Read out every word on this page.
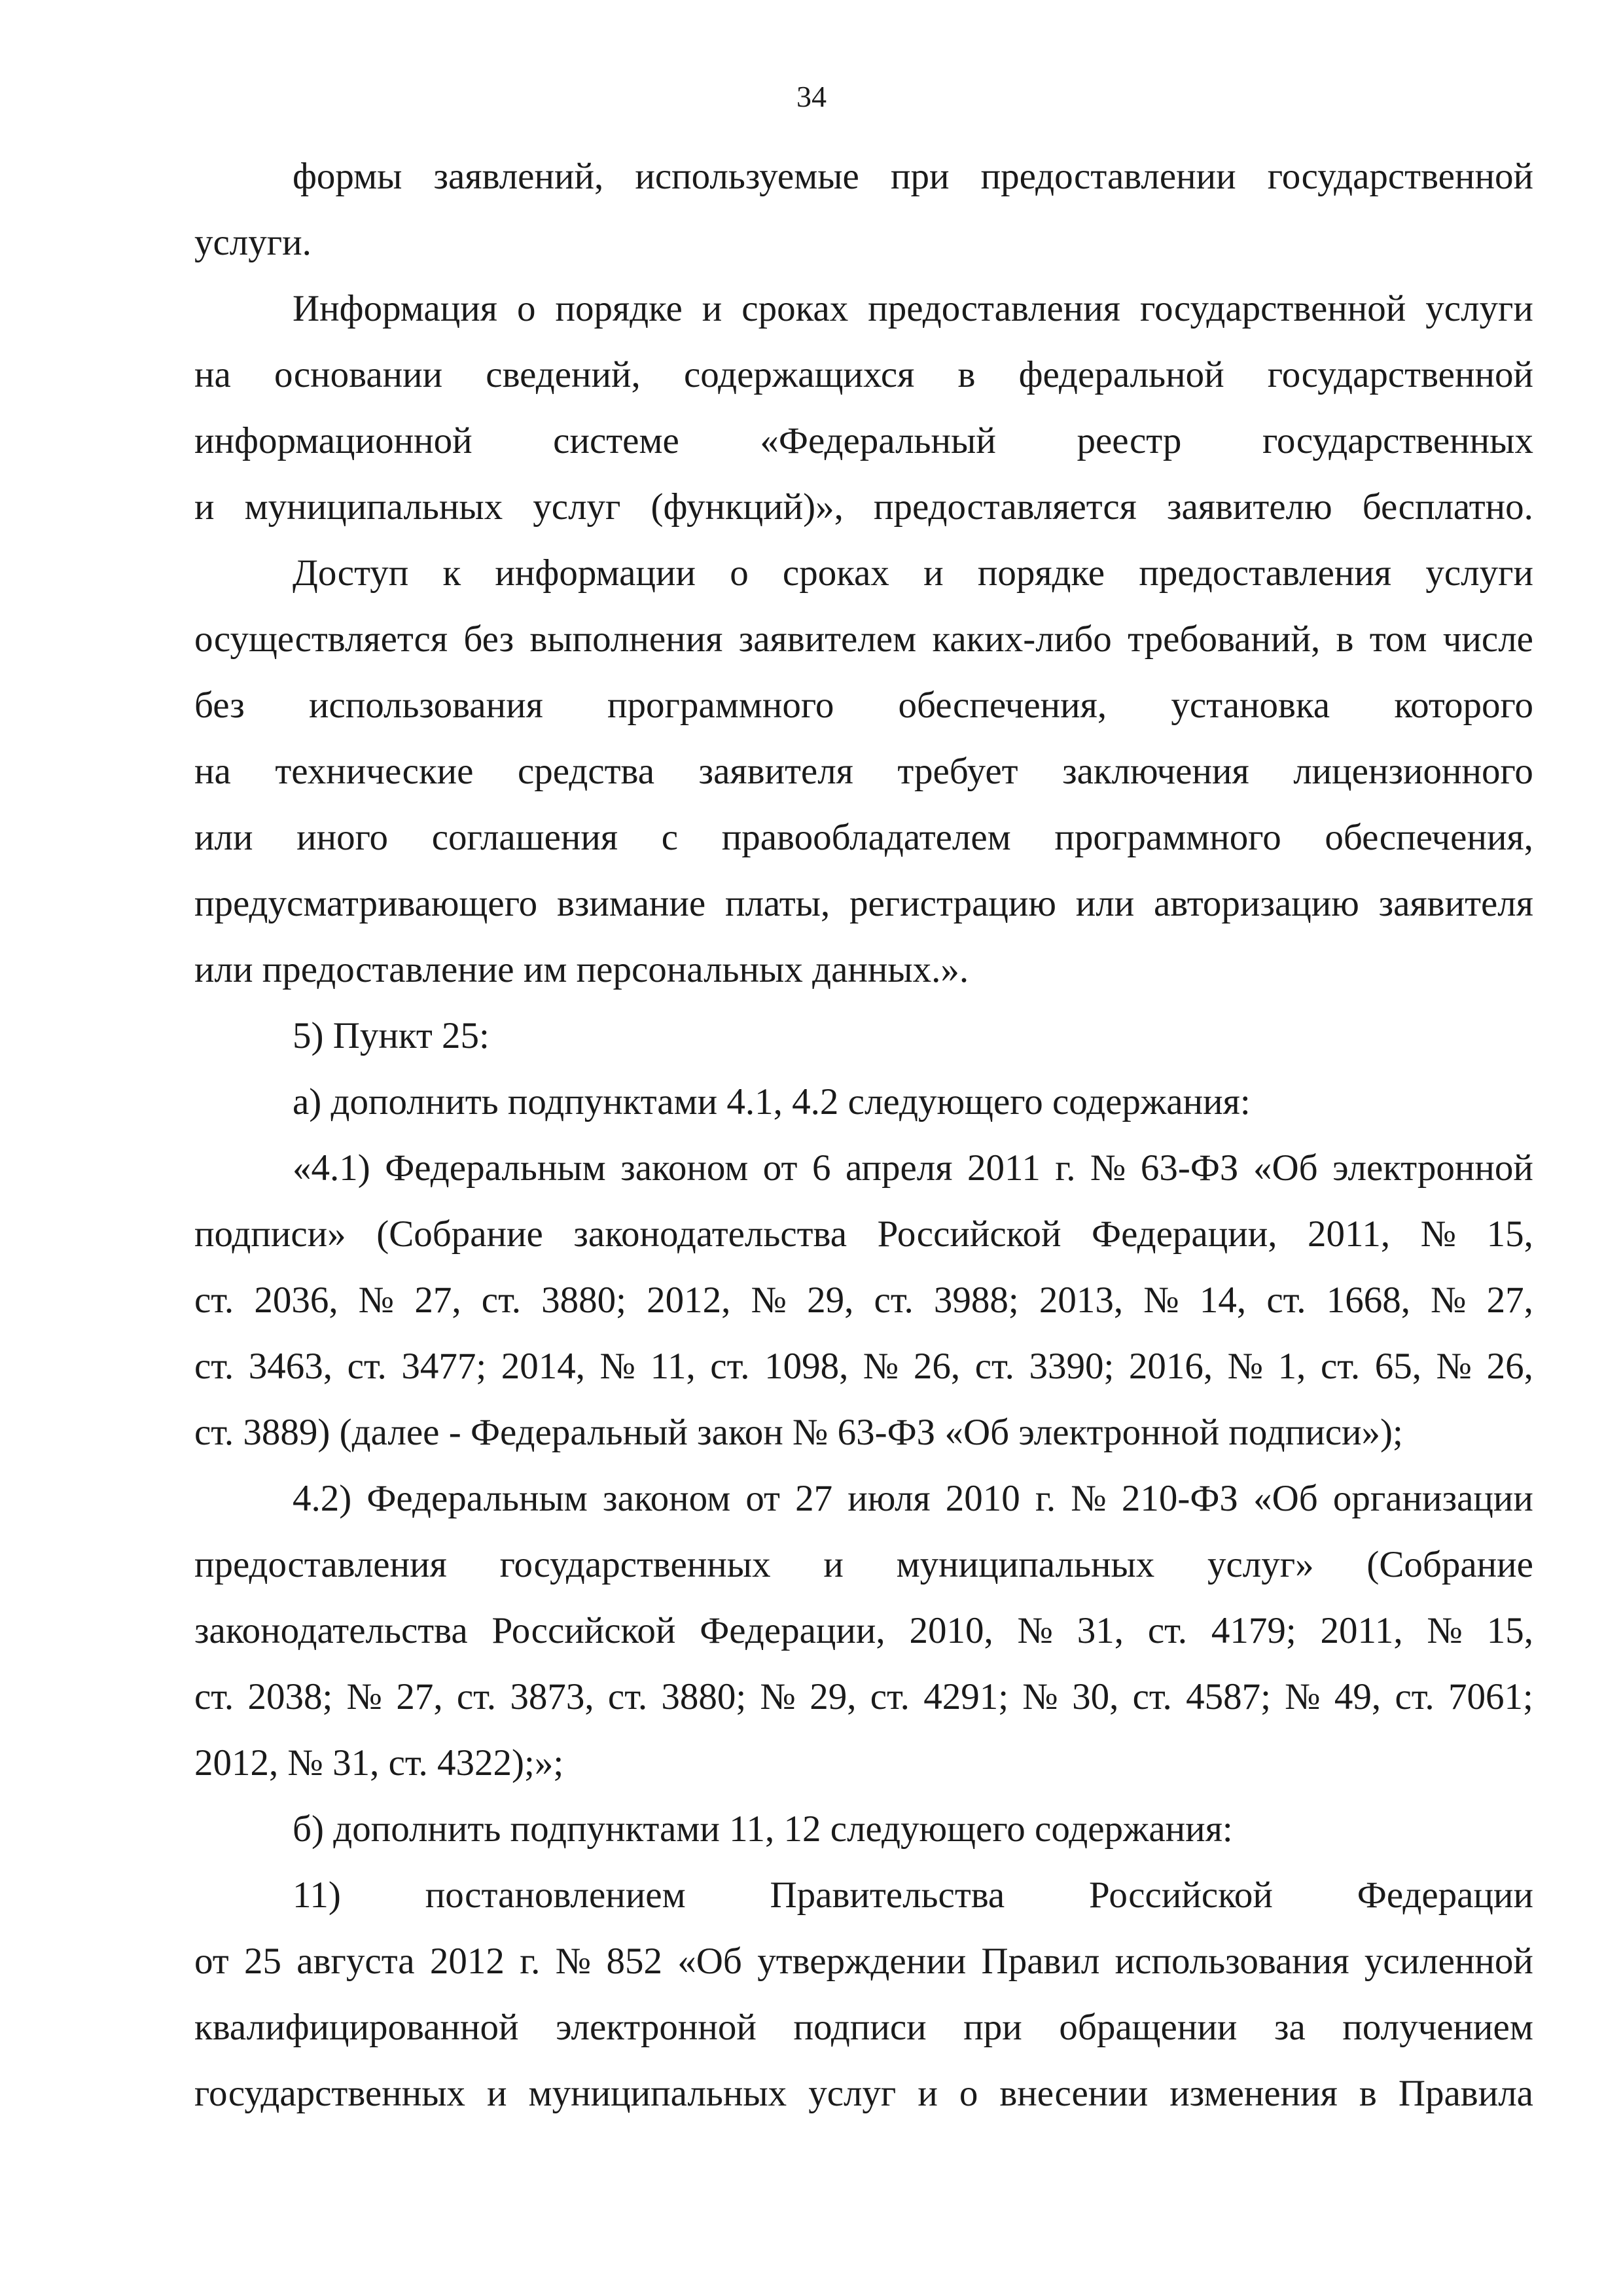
34
формы заявлений, используемые при предоставлении государственной
услуги.
Информация о порядке и сроках предоставления государственной услуги
на основании сведений, содержащихся в федеральной государственной
информационной системе «Федеральный реестр государственных
и муниципальных услуг (функций)», предоставляется заявителю бесплатно.
Доступ к информации о сроках и порядке предоставления услуги
осуществляется без выполнения заявителем каких-либо требований, в том числе
без использования программного обеспечения, установка которого
на технические средства заявителя требует заключения лицензионного
или иного соглашения с правообладателем программного обеспечения,
предусматривающего взимание платы, регистрацию или авторизацию заявителя
или предоставление им персональных данных.».
5) Пункт 25:
а) дополнить подпунктами 4.1, 4.2 следующего содержания:
«4.1) Федеральным законом от 6 апреля 2011 г. № 63-ФЗ «Об электронной
подписи» (Собрание законодательства Российской Федерации, 2011, № 15,
ст. 2036, № 27, ст. 3880; 2012, № 29, ст. 3988; 2013, № 14, ст. 1668, № 27,
ст. 3463, ст. 3477; 2014, № 11, ст. 1098, № 26, ст. 3390; 2016, № 1, ст. 65, № 26,
ст. 3889) (далее - Федеральный закон № 63-ФЗ «Об электронной подписи»);
4.2) Федеральным законом от 27 июля 2010 г. № 210-ФЗ «Об организации
предоставления государственных и муниципальных услуг» (Собрание
законодательства Российской Федерации, 2010, № 31, ст. 4179; 2011, № 15,
ст. 2038; № 27, ст. 3873, ст. 3880; № 29, ст. 4291; № 30, ст. 4587; № 49, ст. 7061;
2012, № 31, ст. 4322);»;
б) дополнить подпунктами 11, 12 следующего содержания:
11) постановлением Правительства Российской Федерации
от 25 августа 2012 г. № 852 «Об утверждении Правил использования усиленной
квалифицированной электронной подписи при обращении за получением
государственных и муниципальных услуг и о внесении изменения в Правила
